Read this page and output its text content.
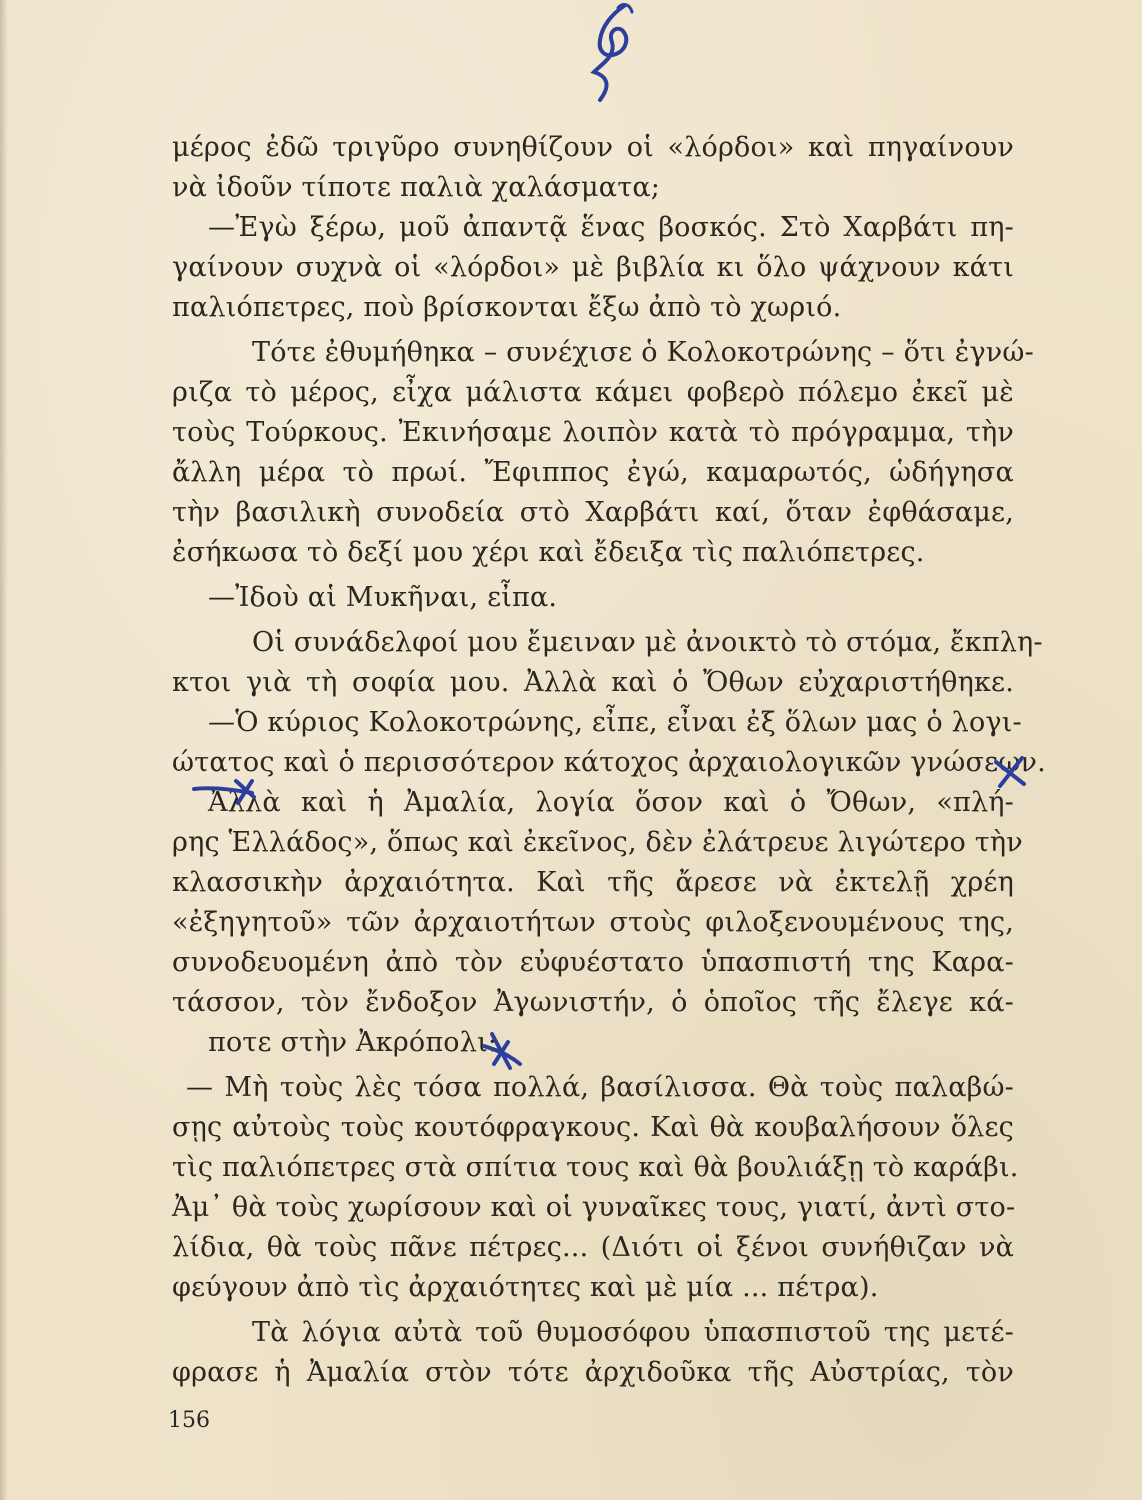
μέρος ἐδῶ τριγῦρο συνηθίζουν οἱ «λόρδοι» καὶ πηγαίνουν
νὰ ἰδοῦν τίποτε παλιὰ χαλάσματα;
—Ἐγὼ ξέρω, μοῦ ἀπαντᾷ ἕνας βοσκός. Στὸ Χαρβάτι πη-
γαίνουν συχνὰ οἱ «λόρδοι» μὲ βιβλία κι ὅλο ψάχνουν κάτι
παλιόπετρες, ποὺ βρίσκονται ἔξω ἀπὸ τὸ χωριό.
Τότε ἐθυμήθηκα – συνέχισε ὁ Κολοκοτρώνης – ὅτι ἐγνώ-
ριζα τὸ μέρος, εἶχα μάλιστα κάμει φοβερὸ πόλεμο ἐκεῖ μὲ
τοὺς Τούρκους. Ἐκινήσαμε λοιπὸν κατὰ τὸ πρόγραμμα, τὴν
ἄλλη μέρα τὸ πρωί. Ἔφιππος ἐγώ, καμαρωτός, ὡδήγησα
τὴν βασιλικὴ συνοδεία στὸ Χαρβάτι καί, ὅταν ἐφθάσαμε,
ἐσήκωσα τὸ δεξί μου χέρι καὶ ἔδειξα τὶς παλιόπετρες.
—Ἰδοὺ αἱ Μυκῆναι, εἶπα.
Οἱ συνάδελφοί μου ἔμειναν μὲ ἀνοικτὸ τὸ στόμα, ἔκπλη-
κτοι γιὰ τὴ σοφία μου. Ἀλλὰ καὶ ὁ Ὄθων εὐχαριστήθηκε.
—Ὁ κύριος Κολοκοτρώνης, εἶπε, εἶναι ἐξ ὅλων μας ὁ λογι-
ώτατος καὶ ὁ περισσότερον κάτοχος ἀρχαιολογικῶν γνώσεων.
Ἀλλὰ καὶ ἡ Ἀμαλία, λογία ὅσον καὶ ὁ Ὄθων, «πλή-
ρης Ἑλλάδος», ὅπως καὶ ἐκεῖνος, δὲν ἐλάτρευε λιγώτερο τὴν
κλασσικὴν ἀρχαιότητα. Καὶ τῆς ἄρεσε νὰ ἐκτελῇ χρέη
«ἐξηγητοῦ» τῶν ἀρχαιοτήτων στοὺς φιλοξενουμένους της,
συνοδευομένη ἀπὸ τὸν εὐφυέστατο ὑπασπιστή της Καρα-
τάσσον, τὸν ἔνδοξον Ἀγωνιστήν, ὁ ὁποῖος τῆς ἔλεγε κά-
ποτε στὴν Ἀκρόπολι:
— Μὴ τοὺς λὲς τόσα πολλά, βασίλισσα. Θὰ τοὺς παλαβώ-
σῃς αὐτοὺς τοὺς κουτόφραγκους. Καὶ θὰ κουβαλήσουν ὅλες
τὶς παλιόπετρες στὰ σπίτια τους καὶ θὰ βουλιάξῃ τὸ καράβι.
Ἀμ᾿ θὰ τοὺς χωρίσουν καὶ οἱ γυναῖκες τους, γιατί, ἀντὶ στο-
λίδια, θὰ τοὺς πᾶνε πέτρες... (Διότι οἱ ξένοι συνήθιζαν νὰ
φεύγουν ἀπὸ τὶς ἀρχαιότητες καὶ μὲ μία ... πέτρα).
Τὰ λόγια αὐτὰ τοῦ θυμοσόφου ὑπασπιστοῦ της μετέ-
φρασε ἡ Ἀμαλία στὸν τότε ἀρχιδοῦκα τῆς Αὐστρίας, τὸν
156
